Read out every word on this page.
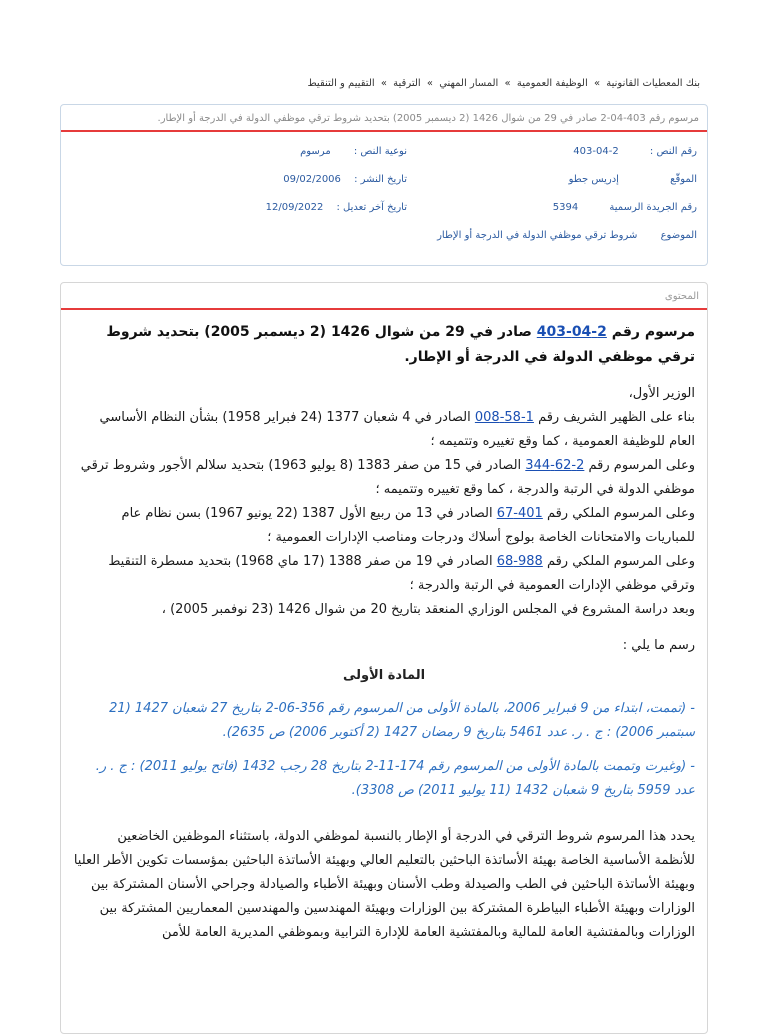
بنك المعطيات القانونية » الوظيفة العمومية » المسار المهني » الترقية » التقييم و التنقيط
مرسوم رقم 403-04-2 صادر في 29 من شوال 1426 (2 ديسمبر 2005) بتحديد شروط ترقي موظفي الدولة في الدرجة أو الإطار.
رقم النص : 2-04-403
نوعية النص : مرسوم
الموقّع إدريس جطو
تاريخ النشر : 09/02/2006
رقم الجريدة الرسمية 5394
تاريخ آخر تعديل : 12/09/2022
الموضوع شروط ترقي موظفي الدولة في الدرجة أو الإطار
المحتوى

مرسوم رقم 2-04-403 صادر في 29 من شوال 1426 (2 ديسمبر 2005) بتحديد شروط ترقي موظفي الدولة في الدرجة أو الإطار.

الوزير الأول،

بناء على الظهير الشريف رقم 1-58-008 الصادر في 4 شعبان 1377 (24 فبراير 1958) بشأن النظام الأساسي العام للوظيفة العمومية ، كما وقع تغييره وتتميمه ؛

وعلى المرسوم رقم 2-62-344 الصادر في 15 من صفر 1383 (8 يوليو 1963) بتحديد سلالم الأجور وشروط ترقي موظفي الدولة في الرتبة والدرجة ، كما وقع تغييره وتتميمه ؛

وعلى المرسوم الملكي رقم 401-67 الصادر في 13 من ربيع الأول 1387 (22 يونيو 1967) بسن نظام عام للمباريات والامتحانات الخاصة بولوج أسلاك ودرجات ومناصب الإدارات العمومية ؛

وعلى المرسوم الملكي رقم 988-68 الصادر في 19 من صفر 1388 (17 ماي 1968) بتحديد مسطرة التنقيط وترقي موظفي الإدارات العمومية في الرتبة والدرجة ؛

وبعد دراسة المشروع في المجلس الوزاري المنعقد بتاريخ 20 من شوال 1426 (23 نوفمبر 2005) ،

رسم ما يلي :

المادة الأولى

- (تممت، ابتداء من 9 فبراير 2006، بالمادة الأولى من المرسوم رقم 356-06-2 بتاريخ 27 شعبان 1427 (21 سبتمبر 2006) : ج . ر. عدد 5461 بتاريخ 9 رمضان 1427 (2 أكتوبر 2006) ص 2635).

- (وغيرت وتممت بالمادة الأولى من المرسوم رقم 174-11-2 بتاريخ 28 رجب 1432 (فاتح يوليو 2011) : ج . ر. عدد 5959 بتاريخ 9 شعبان 1432 (11 يوليو 2011) ص 3308).

يحدد هذا المرسوم شروط الترقي في الدرجة أو الإطار بالنسبة لموظفي الدولة، باستثناء الموظفين الخاضعين للأنظمة الأساسية الخاصة بهيئة الأساتذة الباحثين بالتعليم العالي وبهيئة الأساتذة الباحثين بمؤسسات تكوين الأطر العليا وبهيئة الأساتذة الباحثين في الطب والصيدلة وطب الأسنان وبهيئة الأطباء والصيادلة وجراحي الأسنان المشتركة بين الوزارات وبهيئة الأطباء البياطرة المشتركة بين الوزارات وبهيئة المهندسين والمهندسين المعماريين المشتركة بين الوزارات وبالمفتشية العامة للمالية وبالمفتشية العامة للإدارة الترابية وبموظفي المديرية العامة للأمن
